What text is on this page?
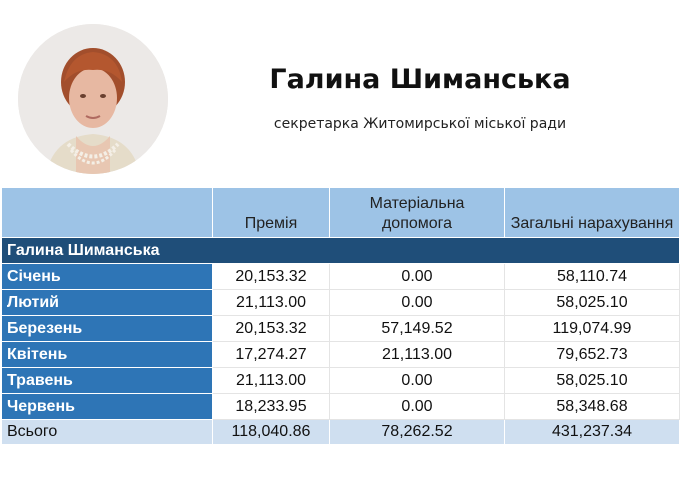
Галина Шиманська
секретарка Житомирської міської ради
	Премія	Матеріальна допомога	Загальні нарахування
Галина Шиманська			
Січень	20,153.32	0.00	58,110.74
Лютий	21,113.00	0.00	58,025.10
Березень	20,153.32	57,149.52	119,074.99
Квітень	17,274.27	21,113.00	79,652.73
Травень	21,113.00	0.00	58,025.10
Червень	18,233.95	0.00	58,348.68
Всього	118,040.86	78,262.52	431,237.34
